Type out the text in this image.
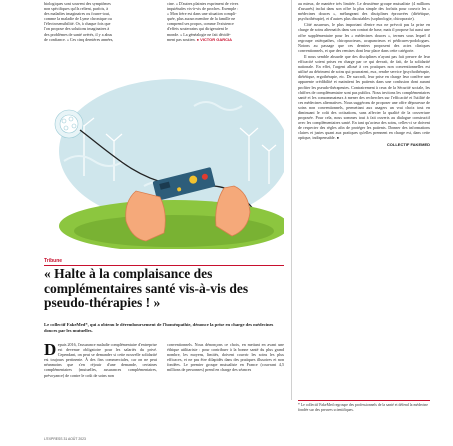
biologiques sont souvent des symptômes
non spécifiques qu'ils relient, parfois, à
des maladies imaginaires ou fourre-tout,
comme la maladie de Lyme chronique ou
l'électrosensibilité. Or, à chaque fois que
l'on propose des solutions imaginaires à
des problèmes de santé avérés, il y a abus
de confiance. » Ces cinq dernières années,
cine. » D'autres plaintes expriment de vives
inquiétudes vis-à-vis de proches. Exemple :
« Mon frère est dans une situation compli-
quée, plus aucun membre de la famille ne
comprend ses propos, comme l'existence
d'effets souterrains qui dirigeraient le
monde. » La généalogie ne fait décidé-
ment pas soutien. ● VICTOR GARCIA
Tribune
« Halte à la complaisance des complémentaires santé vis-à-vis des pseudo-thérapies ! »
Le collectif FakeMed*, qui a obtenu le déremboursement de l'homéopathie, dénonce la prise en charge des médecines douces par les mutuelles.
Depuis 2016, l'assurance maladie complémentaire d'entreprise est devenue obligatoire pour les salariés du privé. Cependant, on peut se demander si cette nouvelle solidarité est toujours pertinente. À des fins commerciales, car on ne peut néanmoins que s'en réjouir d'une demande, certaines complémentaires (mutuelles, assurances complémentaires, prévoyance) de contre le coût de soins non
conventionnels. Nous dénonçons ce choix, en mettant en avant une éthique utilitariste : pour contribuer à la bonne santé du plus grand nombre, les moyens, limités, doivent couvrir les soins les plus efficaces, et ne pas être dilapidés dans des pratiques illusoires et non fondées. Le premier groupe mutualiste en France (couvrant 4,5 millions de personnes) prend en charge des séances

au mieux, de manière très limitée. Le deuxième groupe mutualiste (4 millions d'assurés) inclut dans son offre la plus simple des forfaits pour couvrir les « médecines douces », mélangeant des disciplines éprouvées (diététique, psychothérapie), et d'autres plus discutables (sophrologie, chiropraxie).

Côté assureurs, le plus important d'entre eux ne prévoit pas la prise en charge de soins alternatifs dans son contrat de base, mais il propose lui aussi une offre supplémentaire pour les « médecines douces », termes sous lequel il regroupe ostéopathes, chiropracteurs, acupuncteurs et pédicures-podologues. Notons au passage que ces derniers proposent des actes cliniques conventionnels, et que des remises dont leur place dans cette catégorie.

Il nous semble absurde que des disciplines n'ayant pas fait preuve de leur efficacité soient prises en charge par ce qui devrait, de fait, de la solidarité nationale. En effet, l'argent alloué à ces pratiques non conventionnelles est utilisé au détriment de soins qui pourraient, eux, rendre service (psychothérapie, diététique, ergothérapie, etc. De surcroît, leur prise en charge leur confère une apparente crédibilité et maintient les patients dans une confusion dont aurant profiter les pseudo-thérapeutes. Contrairement à ceux de la Sécurité sociale, les chiffres de complémentaire sont pas publics. Nous invitons les complémentaires santé et les consommateurs à mener des recherches sur l'efficacité et l'utilité de ces médecines alternatives. Nous suggérons de proposer une offre dépourvue de soins non conventionnels, permettant aux usagers un vrai choix tout en diminuant le coût des cotisations, sans affecter la qualité de la couverture proposée. Pour cela, nous sommes tout à fait ouverts au dialogue constructif avec les complémentaires santé. En tant qu'acteur des soins, celles-ci se doivent de respecter des règles afin de protéger les patients. Donner des informations claires et justes quant aux pratiques qu'elles prennent en charge est, dans cette optique, indispensable. ●

COLLECTIF FAKEMED
* Le collectif FakeMed regroupe des professionnels de la santé et défend la médecine fondée sur des preuves scientifiques.
L'EXPRESS 31 AOÛT 2023
